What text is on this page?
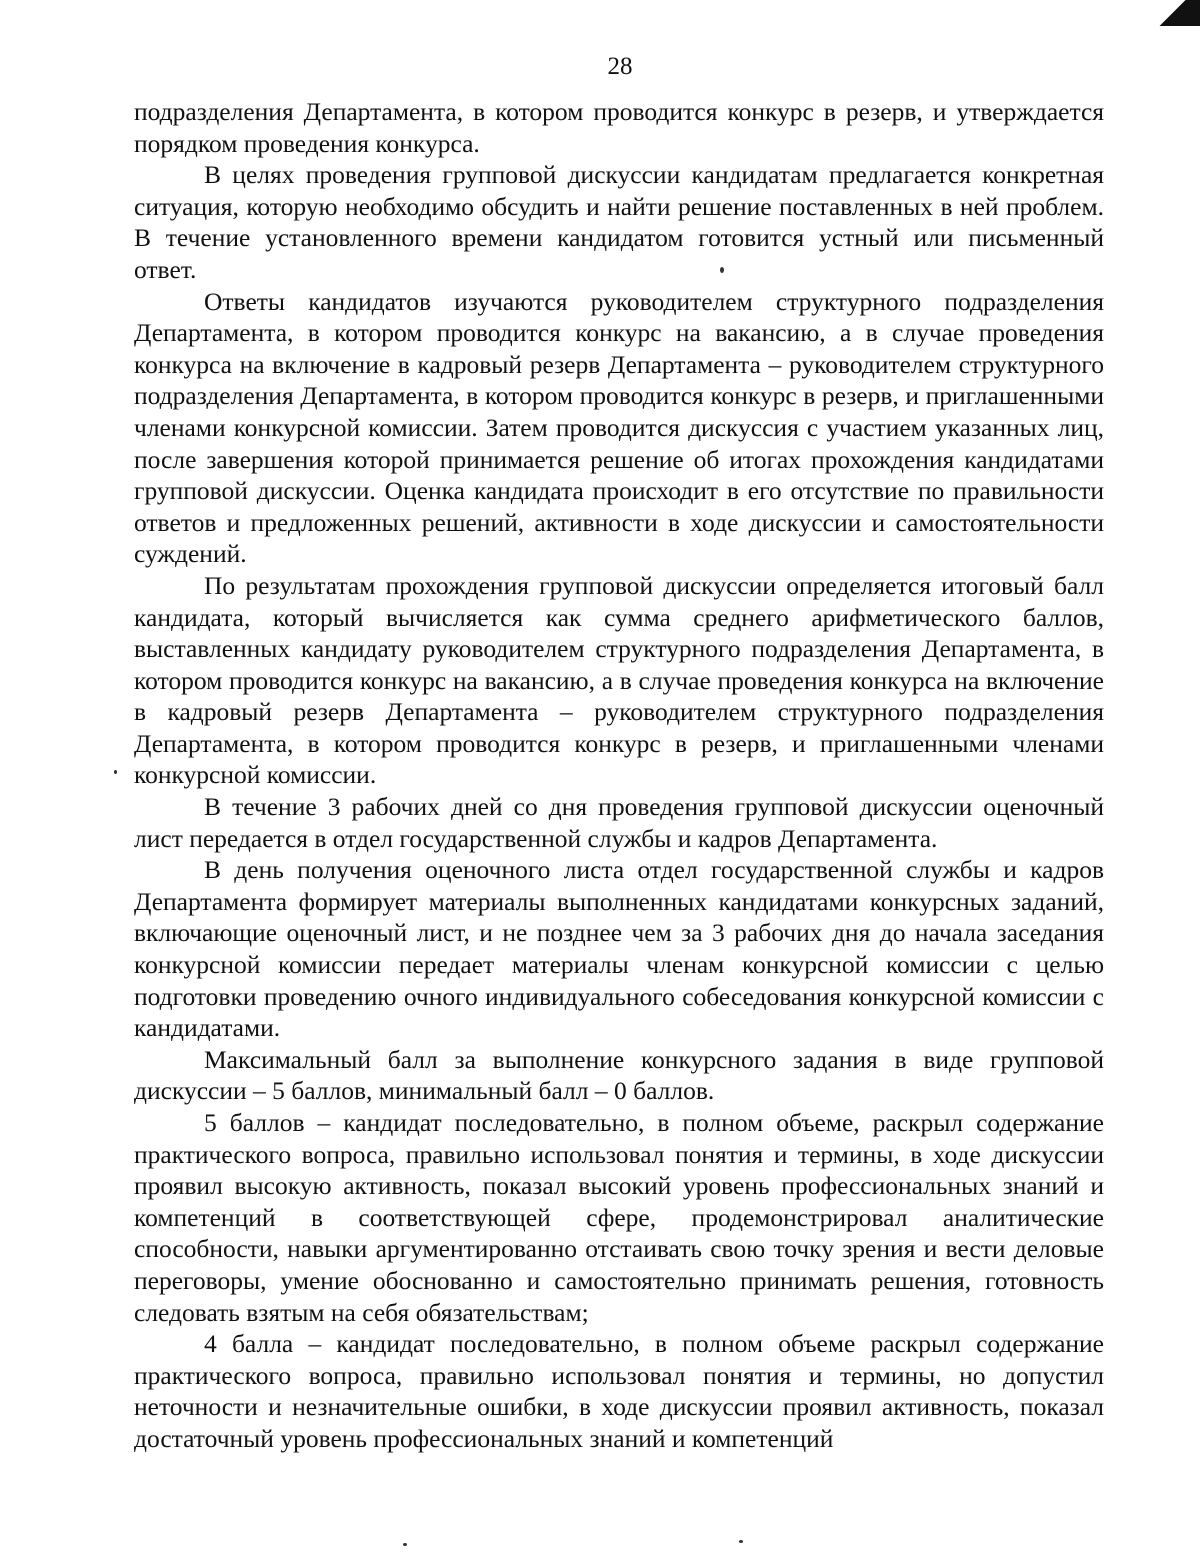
28

подразделения Департамента, в котором проводится конкурс в резерв, и утверждается порядком проведения конкурса.

В целях проведения групповой дискуссии кандидатам предлагается конкретная ситуация, которую необходимо обсудить и найти решение поставленных в ней проблем. В течение установленного времени кандидатом готовится устный или письменный ответ.

Ответы кандидатов изучаются руководителем структурного подразделения Департамента, в котором проводится конкурс на вакансию, а в случае проведения конкурса на включение в кадровый резерв Департамента – руководителем структурного подразделения Департамента, в котором проводится конкурс в резерв, и приглашенными членами конкурсной комиссии. Затем проводится дискуссия с участием указанных лиц, после завершения которой принимается решение об итогах прохождения кандидатами групповой дискуссии. Оценка кандидата происходит в его отсутствие по правильности ответов и предложенных решений, активности в ходе дискуссии и самостоятельности суждений.

По результатам прохождения групповой дискуссии определяется итоговый балл кандидата, который вычисляется как сумма среднего арифметического баллов, выставленных кандидату руководителем структурного подразделения Департамента, в котором проводится конкурс на вакансию, а в случае проведения конкурса на включение в кадровый резерв Департамента – руководителем структурного подразделения Департамента, в котором проводится конкурс в резерв, и приглашенными членами конкурсной комиссии.

В течение 3 рабочих дней со дня проведения групповой дискуссии оценочный лист передается в отдел государственной службы и кадров Департамента.

В день получения оценочного листа отдел государственной службы и кадров Департамента формирует материалы выполненных кандидатами конкурсных заданий, включающие оценочный лист, и не позднее чем за 3 рабочих дня до начала заседания конкурсной комиссии передает материалы членам конкурсной комиссии с целью подготовки проведению очного индивидуального собеседования конкурсной комиссии с кандидатами.

Максимальный балл за выполнение конкурсного задания в виде групповой дискуссии – 5 баллов, минимальный балл – 0 баллов.

5 баллов – кандидат последовательно, в полном объеме, раскрыл содержание практического вопроса, правильно использовал понятия и термины, в ходе дискуссии проявил высокую активность, показал высокий уровень профессиональных знаний и компетенций в соответствующей сфере, продемонстрировал аналитические способности, навыки аргументированно отстаивать свою точку зрения и вести деловые переговоры, умение обоснованно и самостоятельно принимать решения, готовность следовать взятым на себя обязательствам;

4 балла – кандидат последовательно, в полном объеме раскрыл содержание практического вопроса, правильно использовал понятия и термины, но допустил неточности и незначительные ошибки, в ходе дискуссии проявил активность, показал достаточный уровень профессиональных знаний и компетенций
